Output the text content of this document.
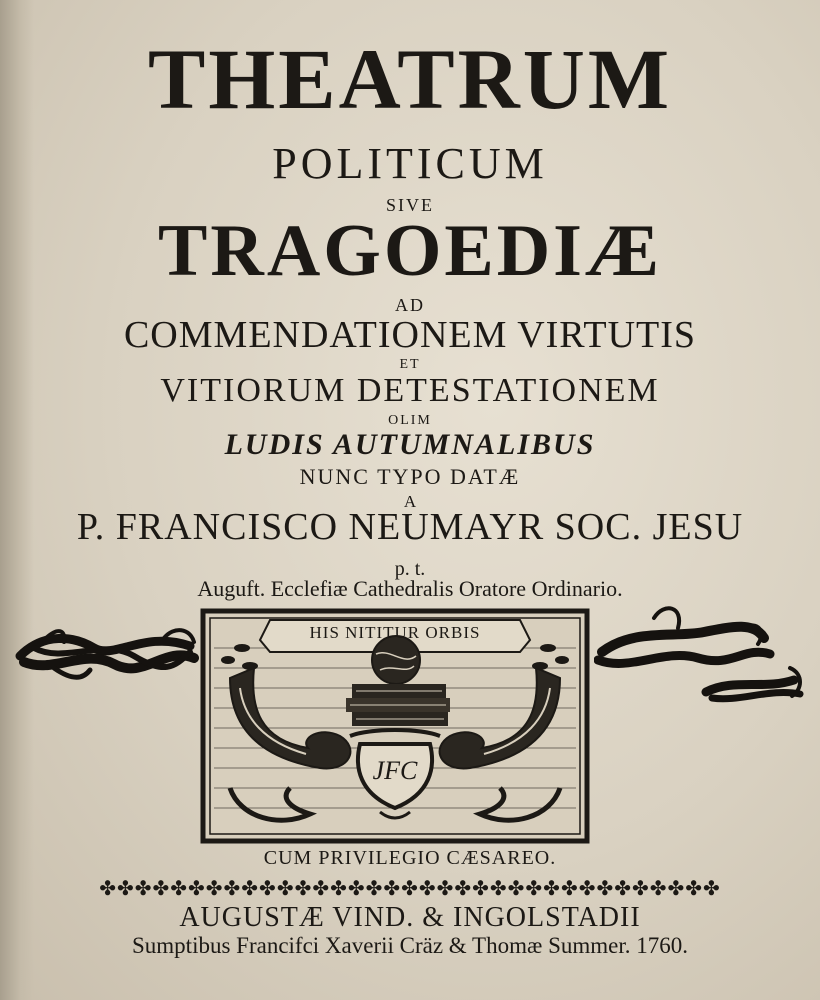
THEATRUM
POLITICUM
SIVE
TRAGOEDIÆ
AD
COMMENDATIONEM VIRTUTIS
ET
VITIORUM DETESTATIONEM
OLIM
LUDIS AUTUMNALIBUS
NUNC TYPO DATÆ
A
P. FRANCISCO NEUMAYR SOC. JESU
p. t.
Auguft. Ecclefiæ Cathedralis Oratore Ordinario.
HIS NITITUR ORBIS
JFC
CUM PRIVILEGIO CÆSAREO.
✤✤✤✤✤✤✤✤✤✤✤✤✤✤✤✤✤✤✤✤✤✤✤✤✤✤✤✤✤✤✤✤✤✤✤
AUGUSTÆ VIND. & INGOLSTADII
Sumptibus Francifci Xaverii Cräz & Thomæ Summer. 1760.
